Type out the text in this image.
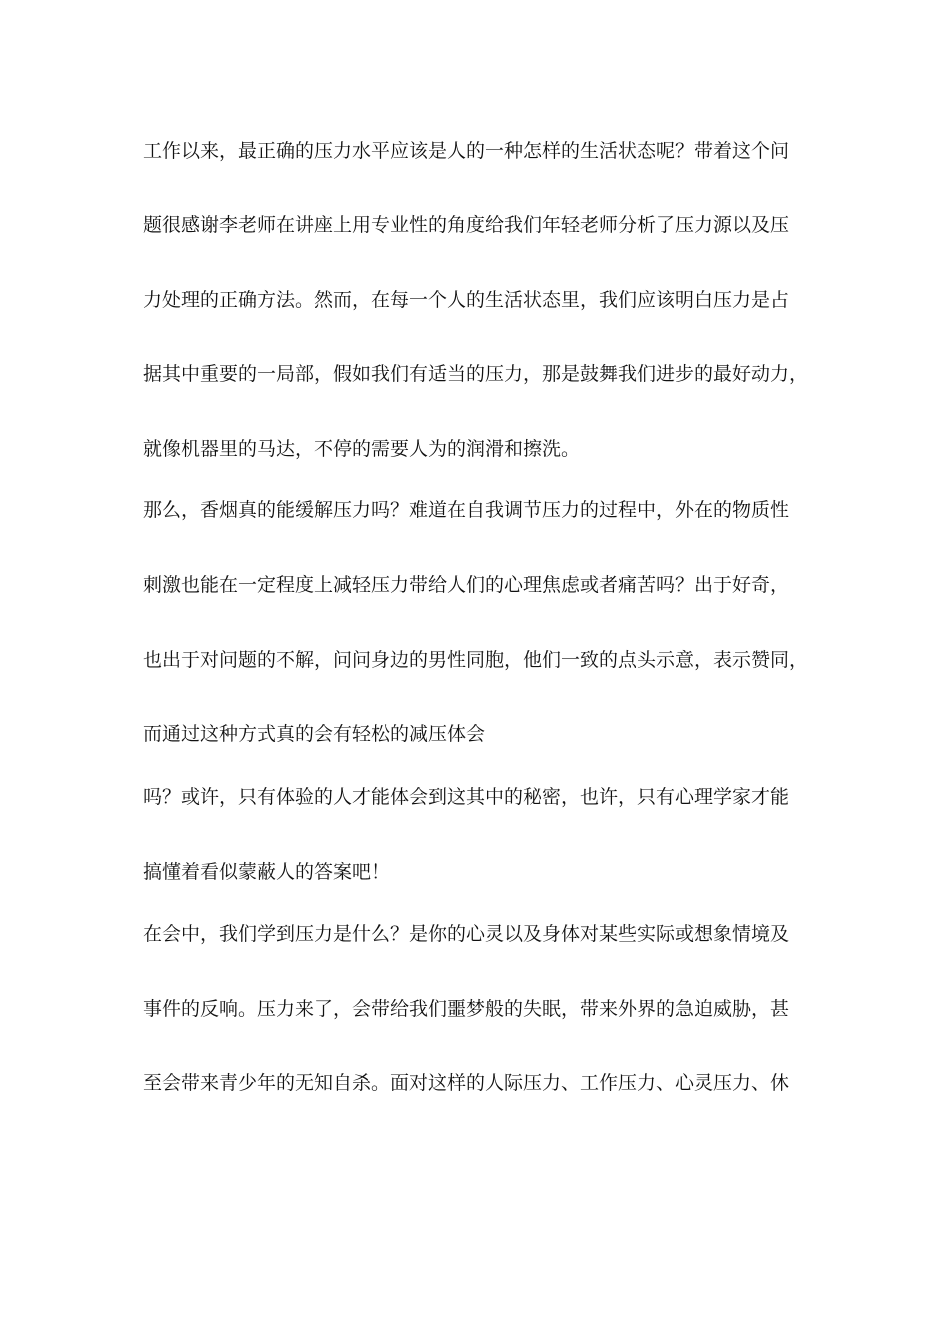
工作以来，最正确的压力水平应该是人的一种怎样的生活状态呢？带着这个问
题很感谢李老师在讲座上用专业性的角度给我们年轻老师分析了压力源以及压
力处理的正确方法。然而，在每一个人的生活状态里，我们应该明白压力是占
据其中重要的一局部，假如我们有适当的压力，那是鼓舞我们进步的最好动力，
就像机器里的马达，不停的需要人为的润滑和擦洗。
那么，香烟真的能缓解压力吗？难道在自我调节压力的过程中，外在的物质性
刺激也能在一定程度上减轻压力带给人们的心理焦虑或者痛苦吗？出于好奇，
也出于对问题的不解，问问身边的男性同胞，他们一致的点头示意，表示赞同，
而通过这种方式真的会有轻松的减压体会
吗？或许，只有体验的人才能体会到这其中的秘密，也许，只有心理学家才能
搞懂着看似蒙蔽人的答案吧！
在会中，我们学到压力是什么？是你的心灵以及身体对某些实际或想象情境及
事件的反响。压力来了，会带给我们噩梦般的失眠，带来外界的急迫威胁，甚
至会带来青少年的无知自杀。面对这样的人际压力、工作压力、心灵压力、休
